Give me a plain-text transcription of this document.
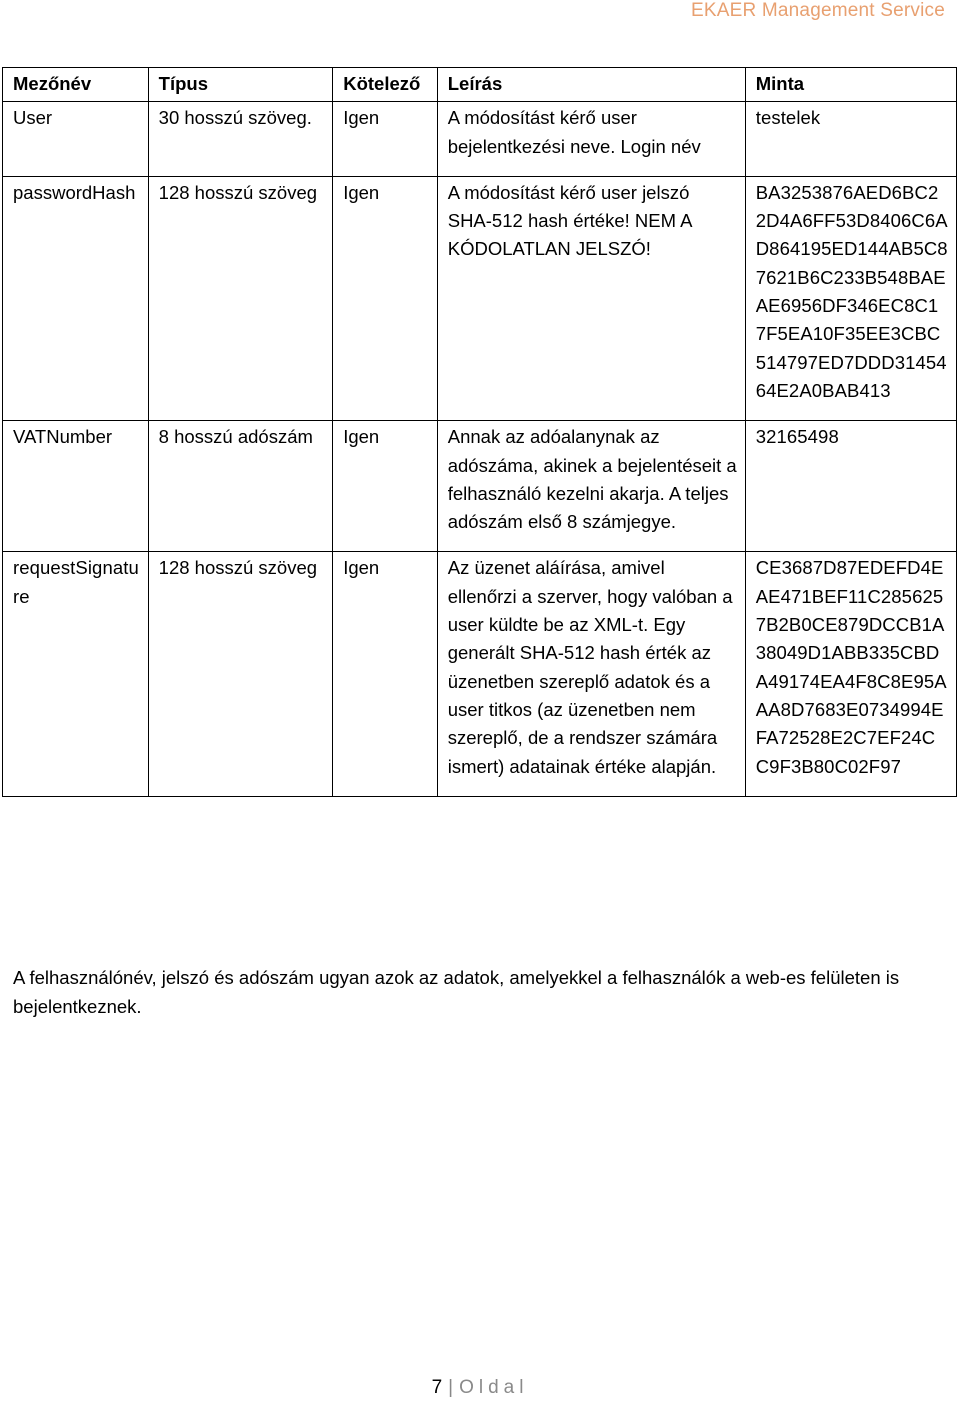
EKAER Management Service
Mezőnév	Típus	Kötelező	Leírás	Minta
User	30 hosszú szöveg.	Igen	A módosítást kérő user bejelentkezési neve. Login név	testelek
passwordHash	128 hosszú szöveg	Igen	A módosítást kérő user jelszó SHA-512 hash értéke! NEM A KÓDOLATLAN JELSZÓ!	BA3253876AED6BC22D4A6FF53D8406C6AD864195ED144AB5C87621B6C233B548BAEAE6956DF346EC8C17F5EA10F35EE3CBC514797ED7DDD3145464E2A0BAB413
VATNumber	8 hosszú adószám	Igen	Annak az adóalanynak az adószáma, akinek a bejelentéseit a felhasználó kezelni akarja. A teljes adószám első 8 számjegye.	32165498
requestSignature	128 hosszú szöveg	Igen	Az üzenet aláírása, amivel ellenőrzi a szerver, hogy valóban a user küldte be az XML-t. Egy generált SHA-512 hash érték az üzenetben szereplő adatok és a user titkos (az üzenetben nem szereplő, de a rendszer számára ismert) adatainak értéke alapján.	CE3687D87EDEFD4EAE471BEF11C2856257B2B0CE879DCCB1A38049D1ABB335CBDA49174EA4F8C8E95AAA8D7683E0734994EFA72528E2C7EF24CC9F3B80C02F97
A felhasználónév, jelszó és adószám ugyan azok az adatok, amelyekkel a felhasználók a web-es felületen is bejelentkeznek.
7 | Oldal
